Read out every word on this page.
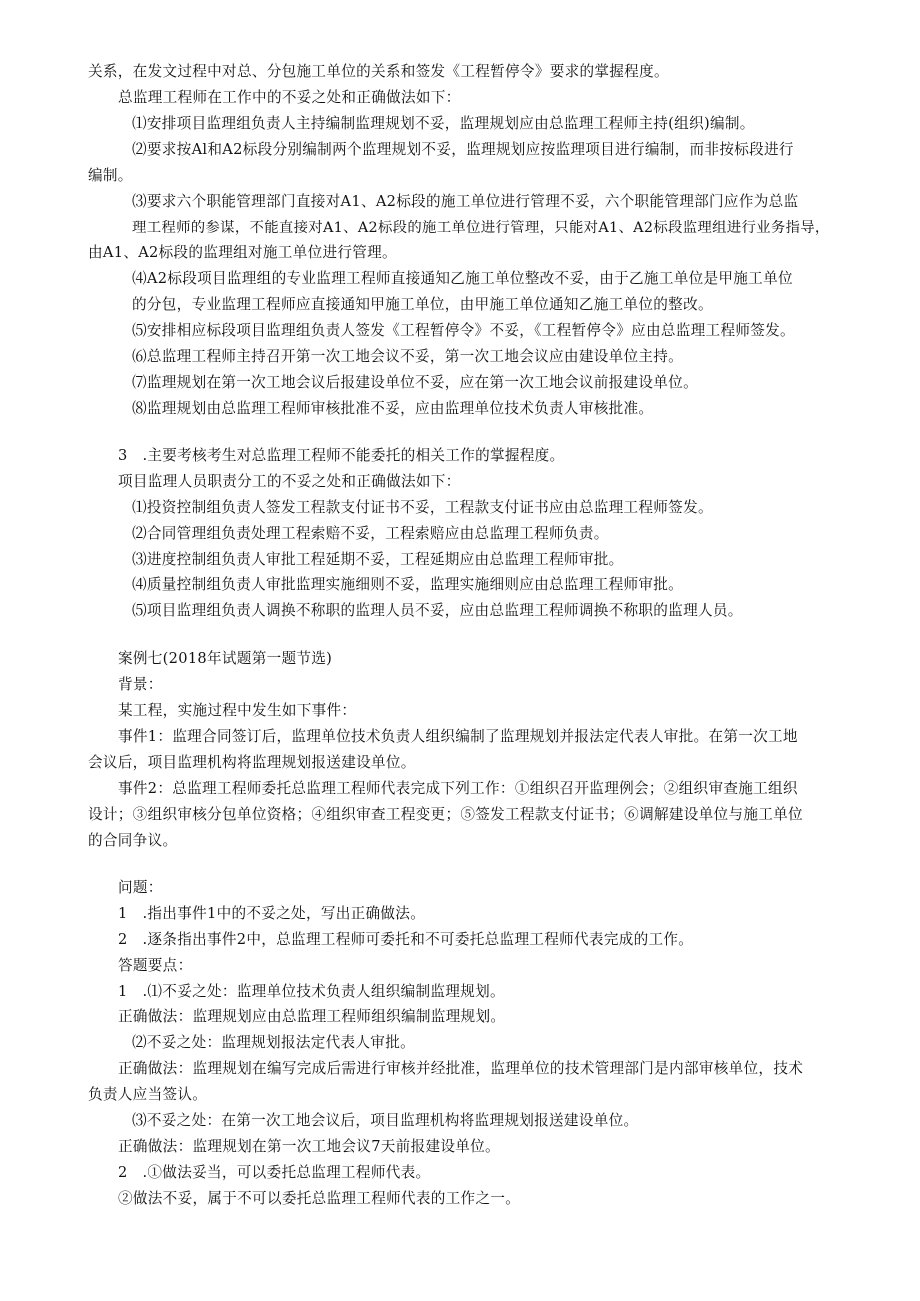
关系，在发文过程中对总、分包施工单位的关系和签发《工程暂停令》要求的掌握程度。
总监理工程师在工作中的不妥之处和正确做法如下：
⑴安排项目监理组负责人主持编制监理规划不妥，监理规划应由总监理工程师主持(组织)编制。
⑵要求按Al和A2标段分别编制两个监理规划不妥，监理规划应按监理项目进行编制，而非按标段进行
编制。
⑶要求六个职能管理部门直接对A1、A2标段的施工单位进行管理不妥，六个职能管理部门应作为总监
理工程师的参谋，不能直接对A1、A2标段的施工单位进行管理，只能对A1、A2标段监理组进行业务指导，
由A1、A2标段的监理组对施工单位进行管理。
⑷A2标段项目监理组的专业监理工程师直接通知乙施工单位整改不妥，由于乙施工单位是甲施工单位
的分包，专业监理工程师应直接通知甲施工单位，由甲施工单位通知乙施工单位的整改。
⑸安排相应标段项目监理组负责人签发《工程暂停令》不妥，《工程暂停令》应由总监理工程师签发。
⑹总监理工程师主持召开第一次工地会议不妥，第一次工地会议应由建设单位主持。
⑺监理规划在第一次工地会议后报建设单位不妥，应在第一次工地会议前报建设单位。
⑻监理规划由总监理工程师审核批准不妥，应由监理单位技术负责人审核批准。
3　.主要考核考生对总监理工程师不能委托的相关工作的掌握程度。
项目监理人员职责分工的不妥之处和正确做法如下：
⑴投资控制组负责人签发工程款支付证书不妥，工程款支付证书应由总监理工程师签发。
⑵合同管理组负责处理工程索赔不妥，工程索赔应由总监理工程师负责。
⑶进度控制组负责人审批工程延期不妥，工程延期应由总监理工程师审批。
⑷质量控制组负责人审批监理实施细则不妥，监理实施细则应由总监理工程师审批。
⑸项目监理组负责人调换不称职的监理人员不妥，应由总监理工程师调换不称职的监理人员。
案例七(2018年试题第一题节选)
背景：
某工程，实施过程中发生如下事件：
事件1：监理合同签订后，监理单位技术负责人组织编制了监理规划并报法定代表人审批。在第一次工地
会议后，项目监理机构将监理规划报送建设单位。
事件2：总监理工程师委托总监理工程师代表完成下列工作：①组织召开监理例会；②组织审查施工组织
设计；③组织审核分包单位资格；④组织审查工程变更；⑤签发工程款支付证书；⑥调解建设单位与施工单位
的合同争议。
问题：
1　.指出事件1中的不妥之处，写出正确做法。
2　.逐条指出事件2中，总监理工程师可委托和不可委托总监理工程师代表完成的工作。
答题要点：
1　.⑴不妥之处：监理单位技术负责人组织编制监理规划。
正确做法：监理规划应由总监理工程师组织编制监理规划。
⑵不妥之处：监理规划报法定代表人审批。
正确做法：监理规划在编写完成后需进行审核并经批准，监理单位的技术管理部门是内部审核单位，技术
负责人应当签认。
⑶不妥之处：在第一次工地会议后，项目监理机构将监理规划报送建设单位。
正确做法：监理规划在第一次工地会议7天前报建设单位。
2　.①做法妥当，可以委托总监理工程师代表。
②做法不妥，属于不可以委托总监理工程师代表的工作之一。
